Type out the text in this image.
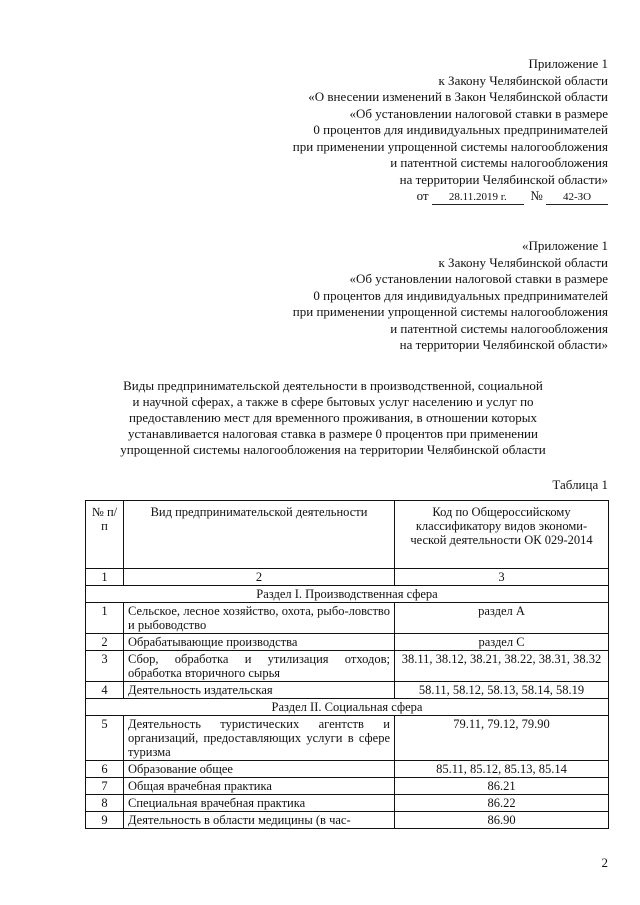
Приложение 1
к Закону Челябинской области
«О внесении изменений в Закон Челябинской области
«Об установлении налоговой ставки в размере
0 процентов для индивидуальных предпринимателей
при применении упрощенной системы налогообложения
и патентной системы налогообложения
на территории Челябинской области»
от 28.11.2019 г. № 42-ЗО
«Приложение 1
к Закону Челябинской области
«Об установлении налоговой ставки в размере
0 процентов для индивидуальных предпринимателей
при применении упрощенной системы налогообложения
и патентной системы налогообложения
на территории Челябинской области»
Виды предпринимательской деятельности в производственной, социальной
и научной сферах, а также в сфере бытовых услуг населению и услуг по
предоставлению мест для временного проживания, в отношении которых
устанавливается налоговая ставка в размере 0 процентов при применении
упрощенной системы налогообложения на территории Челябинской области
Таблица 1
№ п/п	Вид предпринимательской деятельности	Код по Общероссийскому классификатору видов экономи-ческой деятельности ОК 029-2014
1	2	3
Раздел I. Производственная сфера		
1	Сельское, лесное хозяйство, охота, рыбо-ловство и рыбоводство	раздел А
2	Обрабатывающие производства	раздел С
3	Сбор, обработка и утилизация отходов; обработка вторичного сырья	38.11, 38.12, 38.21, 38.22, 38.31, 38.32
4	Деятельность издательская	58.11, 58.12, 58.13, 58.14, 58.19
Раздел II. Социальная сфера		
5	Деятельность туристических агентств и организаций, предоставляющих услуги в сфере туризма	79.11, 79.12, 79.90
6	Образование общее	85.11, 85.12, 85.13, 85.14
7	Общая врачебная практика	86.21
8	Специальная врачебная практика	86.22
9	Деятельность в области медицины (в час-	86.90
2
